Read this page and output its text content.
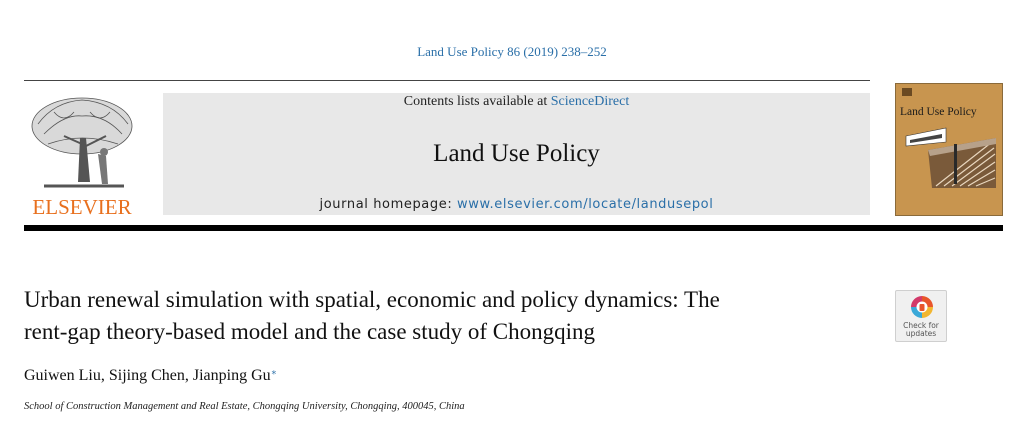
Land Use Policy 86 (2019) 238–252
ELSEVIER
Contents lists available at ScienceDirect
Land Use Policy
journal homepage: www.elsevier.com/locate/landusepol
Land Use Policy
Urban renewal simulation with spatial, economic and policy dynamics: The
rent-gap theory-based model and the case study of Chongqing	Check for
updates
Guiwen Liu, Sijing Chen, Jianping Gu⁎
School of Construction Management and Real Estate, Chongqing University, Chongqing, 400045, China
